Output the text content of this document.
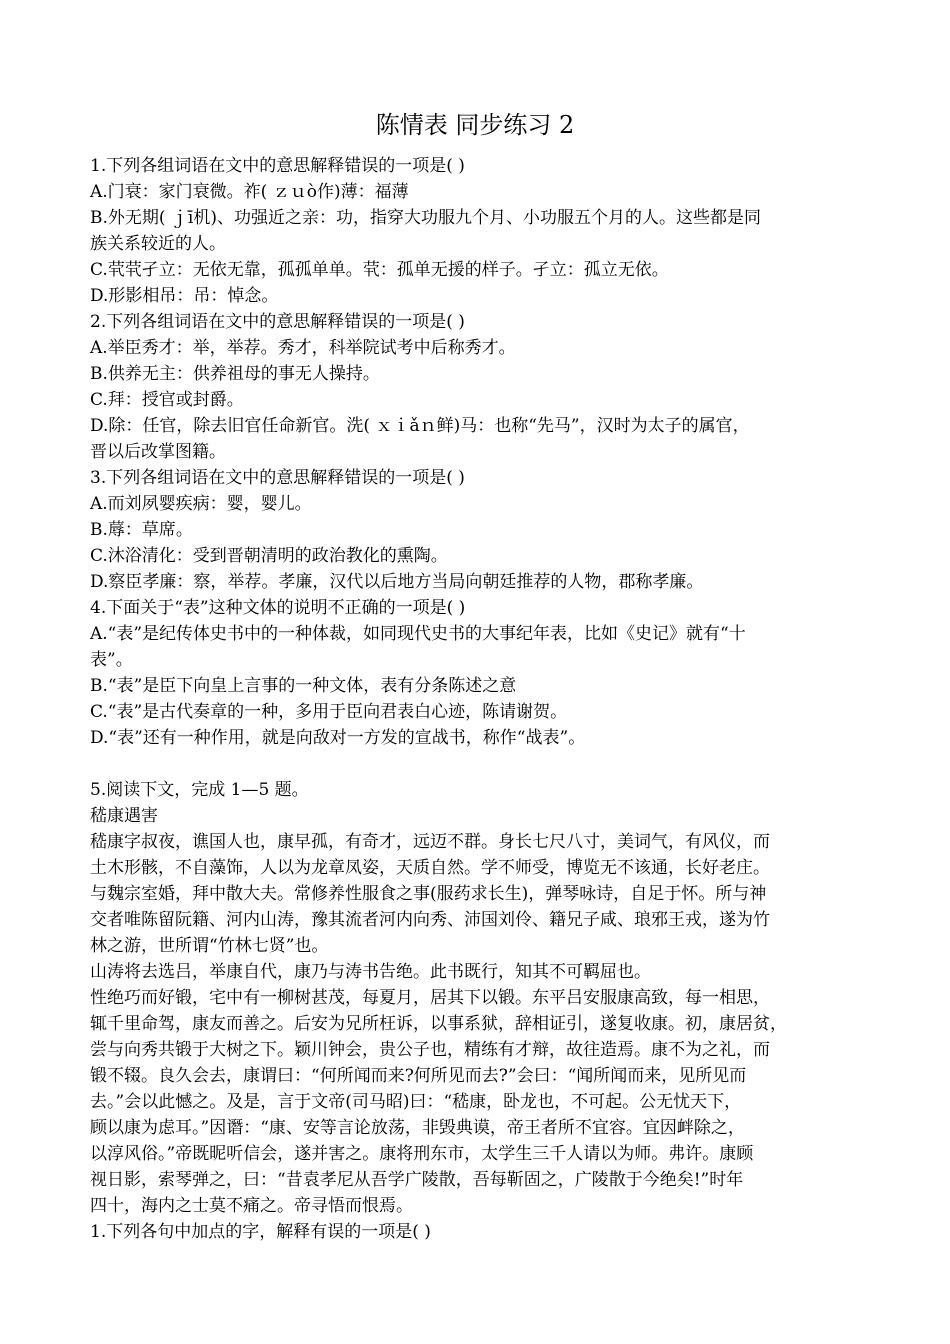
陈情表 同步练习 2
1.下列各组词语在文中的意思解释错误的一项是( )
A.门衰：家门衰微。祚( ｚｕò作)薄：福薄
B.外无期( ｊī机)、功强近之亲：功，指穿大功服九个月、小功服五个月的人。这些都是同
族关系较近的人。
C.茕茕孑立：无依无靠，孤孤单单。茕：孤单无援的样子。孑立：孤立无依。
D.形影相吊：吊：悼念。
2.下列各组词语在文中的意思解释错误的一项是( )
A.举臣秀才：举，举荐。秀才，科举院试考中后称秀才。
B.供养无主：供养祖母的事无人操持。
C.拜：授官或封爵。
D.除：任官，除去旧官任命新官。洗( ｘｉǎｎ鲜)马：也称“先马”，汉时为太子的属官，
晋以后改掌图籍。
3.下列各组词语在文中的意思解释错误的一项是( )
A.而刘夙婴疾病：婴，婴儿。
B.蓐：草席。
C.沐浴清化：受到晋朝清明的政治教化的熏陶。
D.察臣孝廉：察，举荐。孝廉，汉代以后地方当局向朝廷推荐的人物，郡称孝廉。
4.下面关于“表”这种文体的说明不正确的一项是( )
A.“表”是纪传体史书中的一种体裁，如同现代史书的大事纪年表，比如《史记》就有“十
表”。
B.“表”是臣下向皇上言事的一种文体，表有分条陈述之意
C.“表”是古代奏章的一种，多用于臣向君表白心迹，陈请谢贺。
D.“表”还有一种作用，就是向敌对一方发的宣战书，称作“战表”。
5.阅读下文，完成 1—5 题。
嵇康遇害
嵇康字叔夜，谯国人也，康早孤，有奇才，远迈不群。身长七尺八寸，美词气，有风仪，而
土木形骸，不自藻饰，人以为龙章凤姿，天质自然。学不师受，博览无不该通，长好老庄。
与魏宗室婚，拜中散大夫。常修养性服食之事(服药求长生)，弹琴咏诗，自足于怀。所与神
交者唯陈留阮籍、河内山涛，豫其流者河内向秀、沛国刘伶、籍兄子咸、琅邪王戎，遂为竹
林之游，世所谓“竹林七贤”也。
山涛将去选吕，举康自代，康乃与涛书告绝。此书既行，知其不可羁屈也。
性绝巧而好锻，宅中有一柳树甚茂，每夏月，居其下以锻。东平吕安服康高致，每一相思，
辄千里命驾，康友而善之。后安为兄所枉诉，以事系狱，辞相证引，遂复收康。初，康居贫，
尝与向秀共锻于大树之下。颖川钟会，贵公子也，精练有才辩，故往造焉。康不为之礼，而
锻不辍。良久会去，康谓曰：“何所闻而来?何所见而去?”会曰：“闻所闻而来，见所见而
去。”会以此憾之。及是，言于文帝(司马昭)曰：“嵇康，卧龙也，不可起。公无忧天下，
顾以康为虑耳。”因谮：“康、安等言论放荡，非毁典谟，帝王者所不宜容。宜因衅除之，
以淳风俗。”帝既昵听信会，遂并害之。康将刑东市，太学生三千人请以为师。弗许。康顾
视日影，索琴弹之，曰：“昔袁孝尼从吾学广陵散，吾每靳固之，广陵散于今绝矣!”时年
四十，海内之士莫不痛之。帝寻悟而恨焉。
1.下列各句中加点的字，解释有误的一项是( )
